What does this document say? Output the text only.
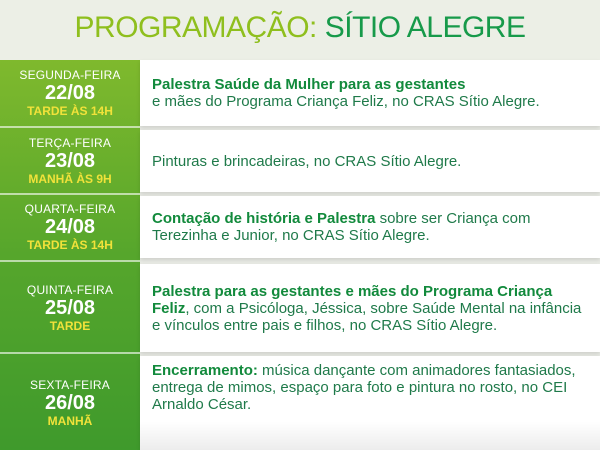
PROGRAMAÇÃO: SÍTIO ALEGRE
SEGUNDA-FEIRA
22/08
TARDE ÀS 14H
Palestra Saúde da Mulher para as gestantes
e mães do Programa Criança Feliz, no CRAS Sítio Alegre.
TERÇA-FEIRA
23/08
MANHÃ ÀS 9H
Pinturas e brincadeiras, no CRAS Sítio Alegre.
QUARTA-FEIRA
24/08
TARDE ÀS 14H
Contação de história e Palestra sobre ser Criança com Terezinha e Junior, no CRAS Sítio Alegre.
QUINTA-FEIRA
25/08
TARDE
Palestra para as gestantes e mães do Programa Criança Feliz, com a Psicóloga, Jéssica, sobre Saúde Mental na infância e vínculos entre pais e filhos, no CRAS Sítio Alegre.
SEXTA-FEIRA
26/08
MANHÃ
Encerramento: música dançante com animadores fantasiados, entrega de mimos, espaço para foto e pintura no rosto, no CEI Arnaldo César.
